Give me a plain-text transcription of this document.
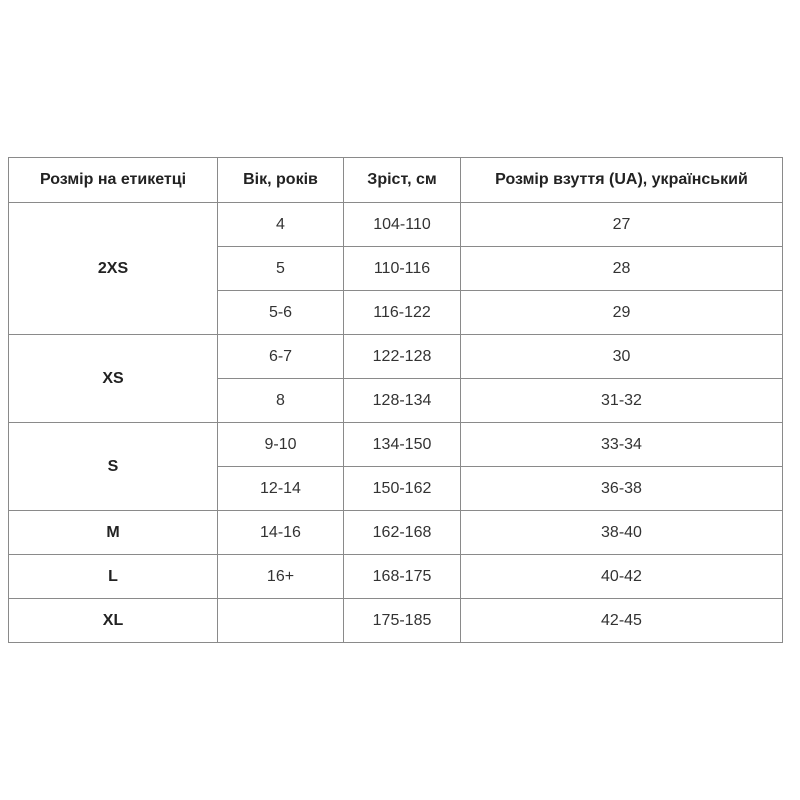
Розмір на етикетці	Вік, років	Зріст, см	Розмір взуття (UA), український
2XS	4	104-110	27
	5	110-116	28
	5-6	116-122	29
XS	6-7	122-128	30
	8	128-134	31-32
S	9-10	134-150	33-34
	12-14	150-162	36-38
M	14-16	162-168	38-40
L	16+	168-175	40-42
XL		175-185	42-45
